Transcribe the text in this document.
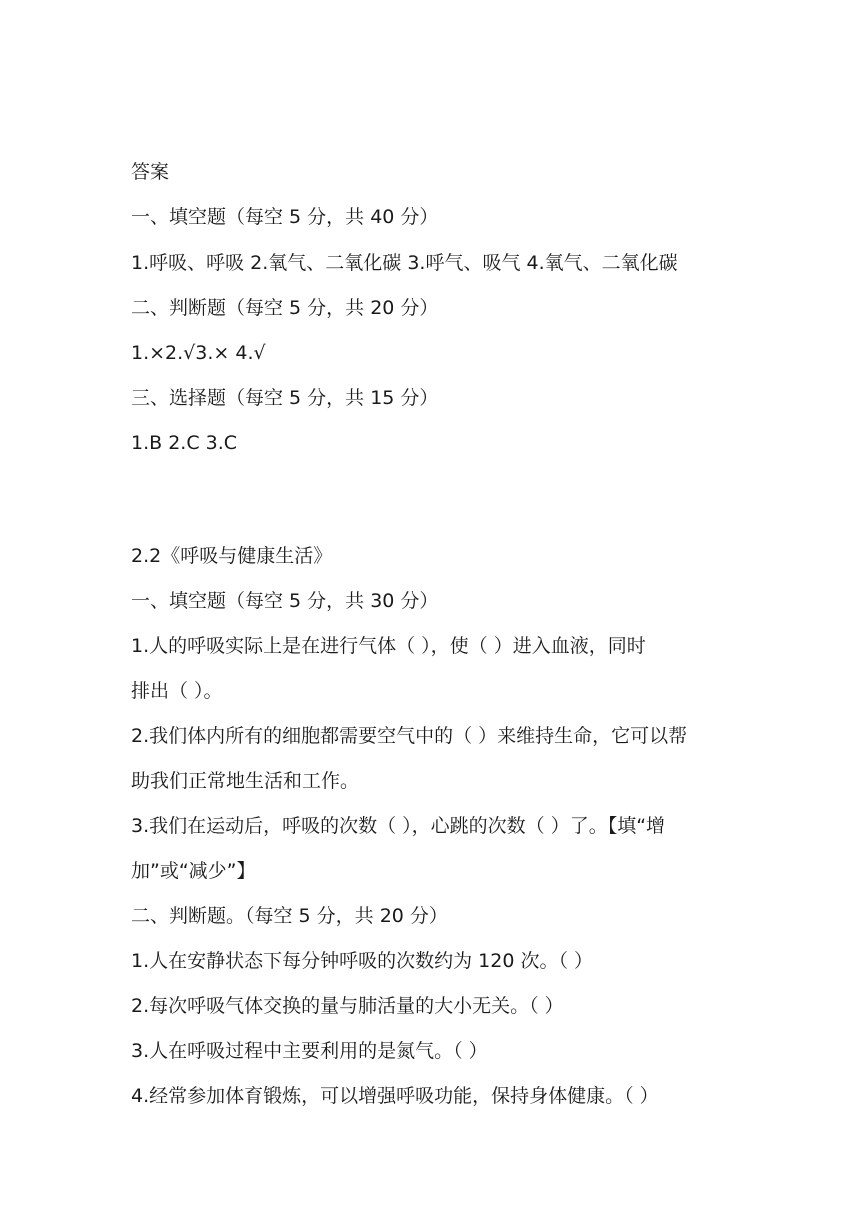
答案
一、填空题（每空 5 分，共 40 分）
1.呼吸、呼吸 2.氧气、二氧化碳 3.呼气、吸气 4.氧气、二氧化碳
二、判断题（每空 5 分，共 20 分）
1.×2.√3.× 4.√
三、选择题（每空 5 分，共 15 分）
1.B 2.C 3.C
2.2《呼吸与健康生活》
一、填空题（每空 5 分，共 30 分）
1.人的呼吸实际上是在进行气体（ ），使（ ）进入血液，同时
排出（ ）。
2.我们体内所有的细胞都需要空气中的（ ）来维持生命，它可以帮
助我们正常地生活和工作。
3.我们在运动后，呼吸的次数（ ），心跳的次数（ ）了。【填“增
加”或“减少”】
二、判断题。（每空 5 分，共 20 分）
1.人在安静状态下每分钟呼吸的次数约为 120 次。（ ）
2.每次呼吸气体交换的量与肺活量的大小无关。（ ）
3.人在呼吸过程中主要利用的是氮气。（ ）
4.经常参加体育锻炼，可以增强呼吸功能，保持身体健康。（ ）
